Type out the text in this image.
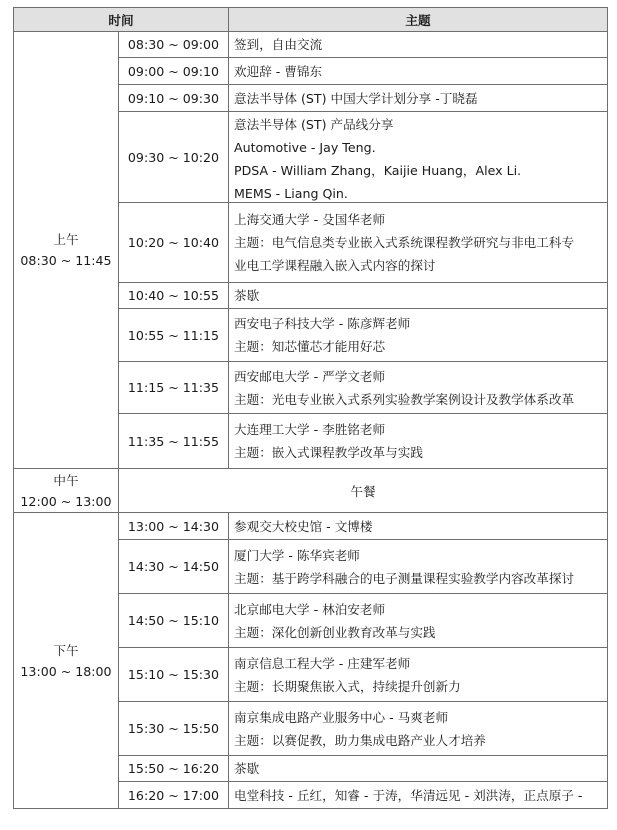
时间		主题

上午
08:30 ~ 11:45	08:30 ~ 09:00	签到，自由交流

	09:00 ~ 09:10	欢迎辞 - 曹锦东

	09:10 ~ 09:30	意法半导体 (ST) 中国大学计划分享 -丁晓磊

	09:30 ~ 10:20	意法半导体 (ST) 产品线分享
Automotive - Jay Teng.
PDSA - William Zhang，Kaijie Huang，Alex Li.
MEMS - Liang Qin.

	10:20 ~ 10:40	上海交通大学 - 殳国华老师
主题：电气信息类专业嵌入式系统课程教学研究与非电工科专
业电工学课程融入嵌入式内容的探讨

	10:40 ~ 10:55	茶歇

	10:55 ~ 11:15	西安电子科技大学 - 陈彦辉老师
主题：知芯懂芯才能用好芯

	11:15 ~ 11:35	西安邮电大学 - 严学文老师
主题：光电专业嵌入式系列实验教学案例设计及教学体系改革

	11:35 ~ 11:55	大连理工大学 - 李胜铭老师
主题：嵌入式课程教学改革与实践

中午
12:00 ~ 13:00	午餐	

下午
13:00 ~ 18:00	13:00 ~ 14:30	参观交大校史馆 - 文博楼

	14:30 ~ 14:50	厦门大学 - 陈华宾老师
主题：基于跨学科融合的电子测量课程实验教学内容改革探讨

	14:50 ~ 15:10	北京邮电大学 - 林泊安老师
主题：深化创新创业教育改革与实践

	15:10 ~ 15:30	南京信息工程大学 - 庄建军老师
主题：长期聚焦嵌入式，持续提升创新力

	15:30 ~ 15:50	南京集成电路产业服务中心 - 马爽老师
主题：以赛促教，助力集成电路产业人才培养

	15:50 ~ 16:20	茶歇

	16:20 ~ 17:00	电堂科技 - 丘红，知睿 - 于涛，华清远见 - 刘洪涛，正点原子 -
